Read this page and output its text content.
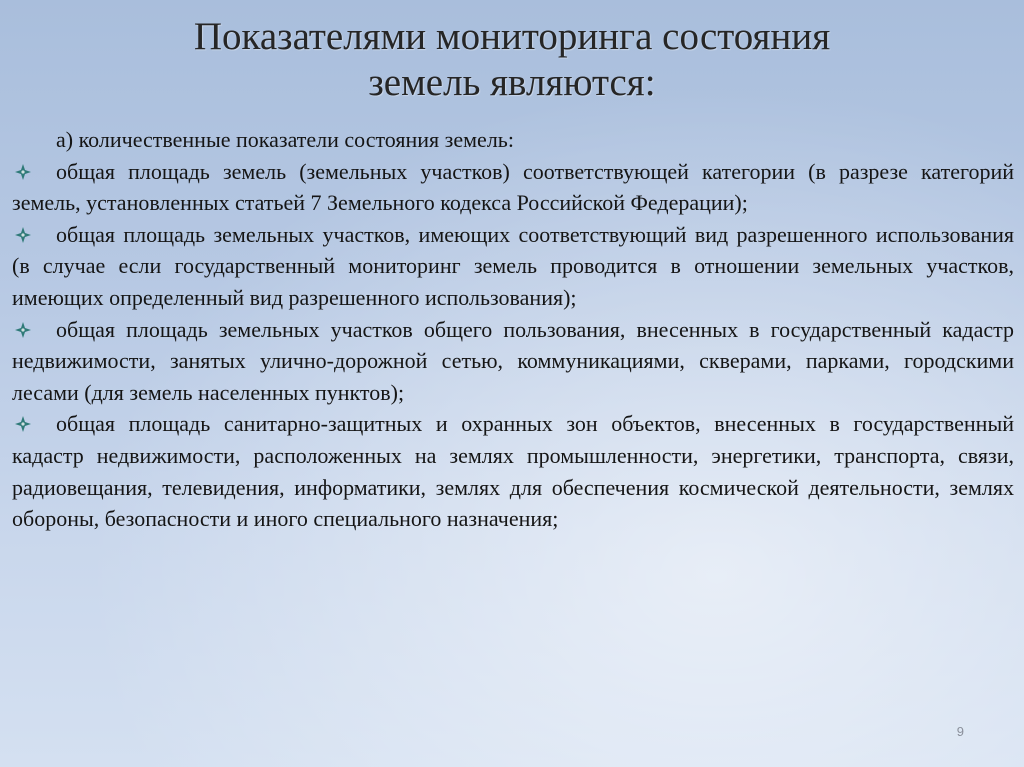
Показателями мониторинга состояния
земель являются:

а) количественные показатели состояния земель:

общая площадь земель (земельных участков) соответствующей категории (в разрезе категорий земель, установленных статьей 7 Земельного кодекса Российской Федерации);

общая площадь земельных участков, имеющих соответствующий вид разрешенного использования (в случае если государственный мониторинг земель проводится в отношении земельных участков, имеющих определенный вид разрешенного использования);

общая площадь земельных участков общего пользования, внесенных в государственный кадастр недвижимости, занятых улично-дорожной сетью, коммуникациями, скверами, парками, городскими лесами (для земель населенных пунктов);

общая площадь санитарно-защитных и охранных зон объектов, внесенных в государственный кадастр недвижимости, расположенных на землях промышленности, энергетики, транспорта, связи, радиовещания, телевидения, информатики, землях для обеспечения космической деятельности, землях обороны, безопасности и иного специального назначения;

9
